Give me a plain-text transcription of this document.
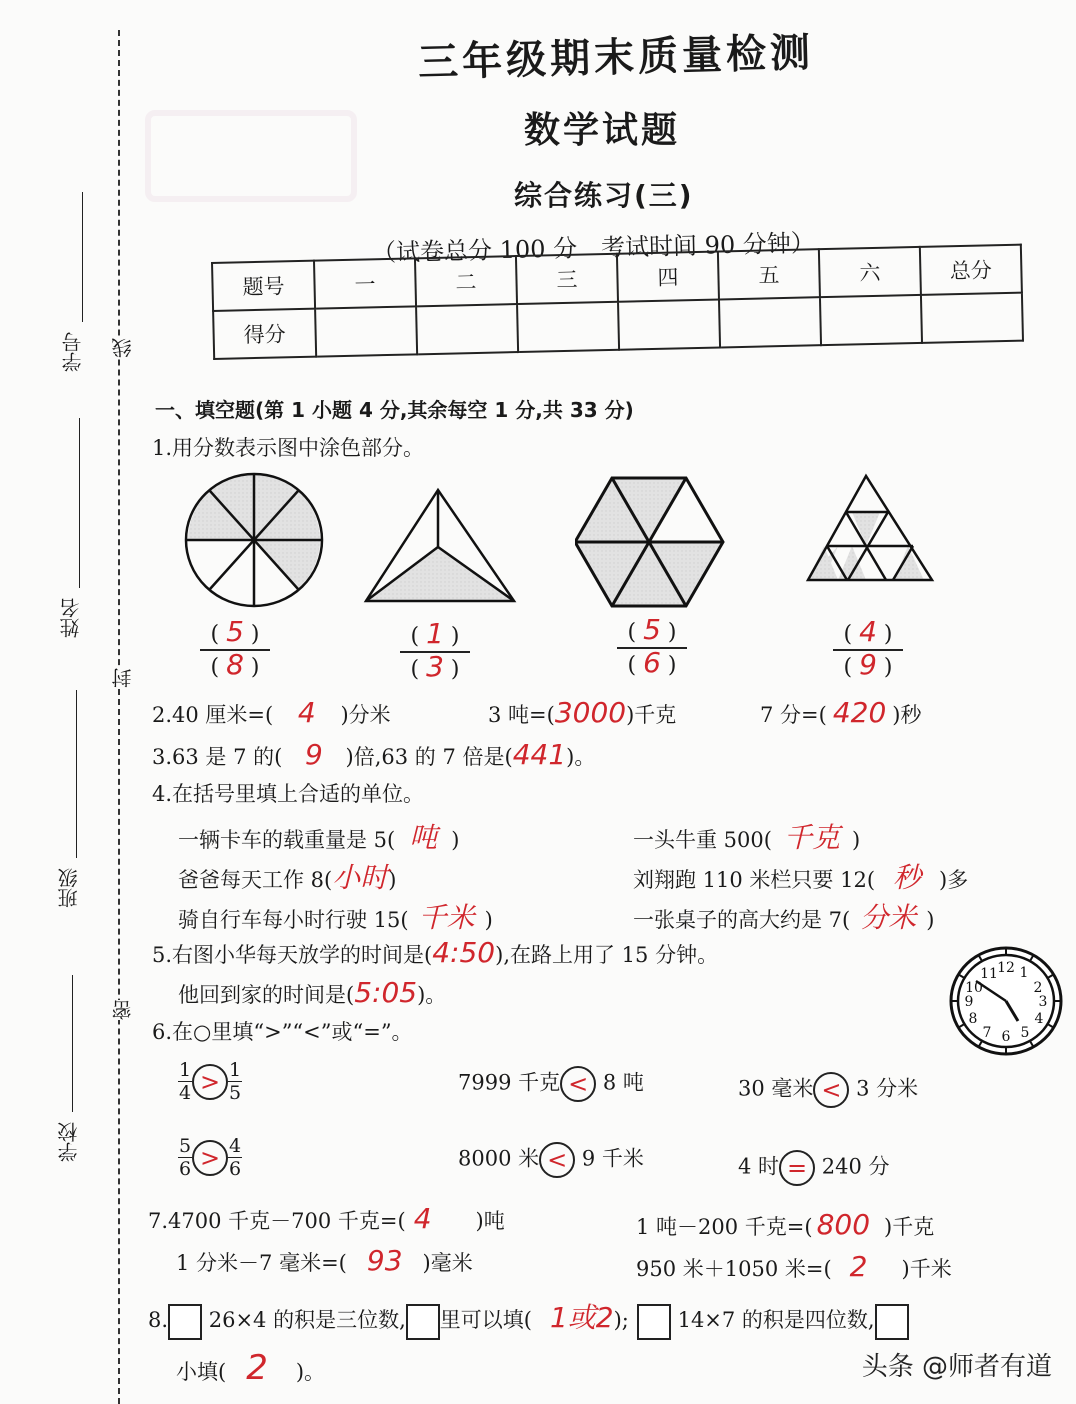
线
封
密
学号
姓名
班级
学校
三年级期末质量检测
数学试题
综合练习(三)
（试卷总分 100 分　考试时间 90 分钟）
题号	一	二	三	四	五	六	总分
得分							
一、填空题(第 1 小题 4 分,其余每空 1 分,共 33 分)
1.用分数表示图中涂色部分。
$\frac{( 5 )}{( 8 )}$	$\frac{( 1 )}{( 3 )}$	$\frac{( 5 )}{( 6 )}$	$\frac{( 4 )}{( 9 )}$
2.40 厘米=( 4 )分米	3 吨=(3000)千克	7 分=( 420 )秒
3.63 是 7 的( 9 )倍,63 的 7 倍是(441)。
4.在括号里填上合适的单位。
一辆卡车的载重量是 5( 吨 )	一头牛重 500( 千克 )
爸爸每天工作 8(小时)	刘翔跑 110 米栏只要 12( 秒 )多
骑自行车每小时行驶 15( 千米 )	一张桌子的高大约是 7( 分米 )
5.右图小华每天放学的时间是(4:50),在路上用了 15 分钟。
他回到家的时间是(5:05)。
12 1
2
3
4
5
6
7
8
9
10
11
6.在○里填“>”“<”或“=”。
$\frac{1}{4} > \frac{1}{5}$	7999 千克 < 8 吨	30 毫米 < 3 分米
$\frac{5}{6} > \frac{4}{6}$	8000 米 < 9 千米	4 时 = 240 分
7.4700 千克－700 千克=( 4 )吨	1 吨－200 千克=( 800 )千克
1 分米－7 毫米=( 93 )毫米	950 米＋1050 米=( 2 )千米
8. 26×4 的积是三位数, 里可以填( 1或2); 14×7 的积是四位数,
小填( 2 )。	头条 @师者有道
